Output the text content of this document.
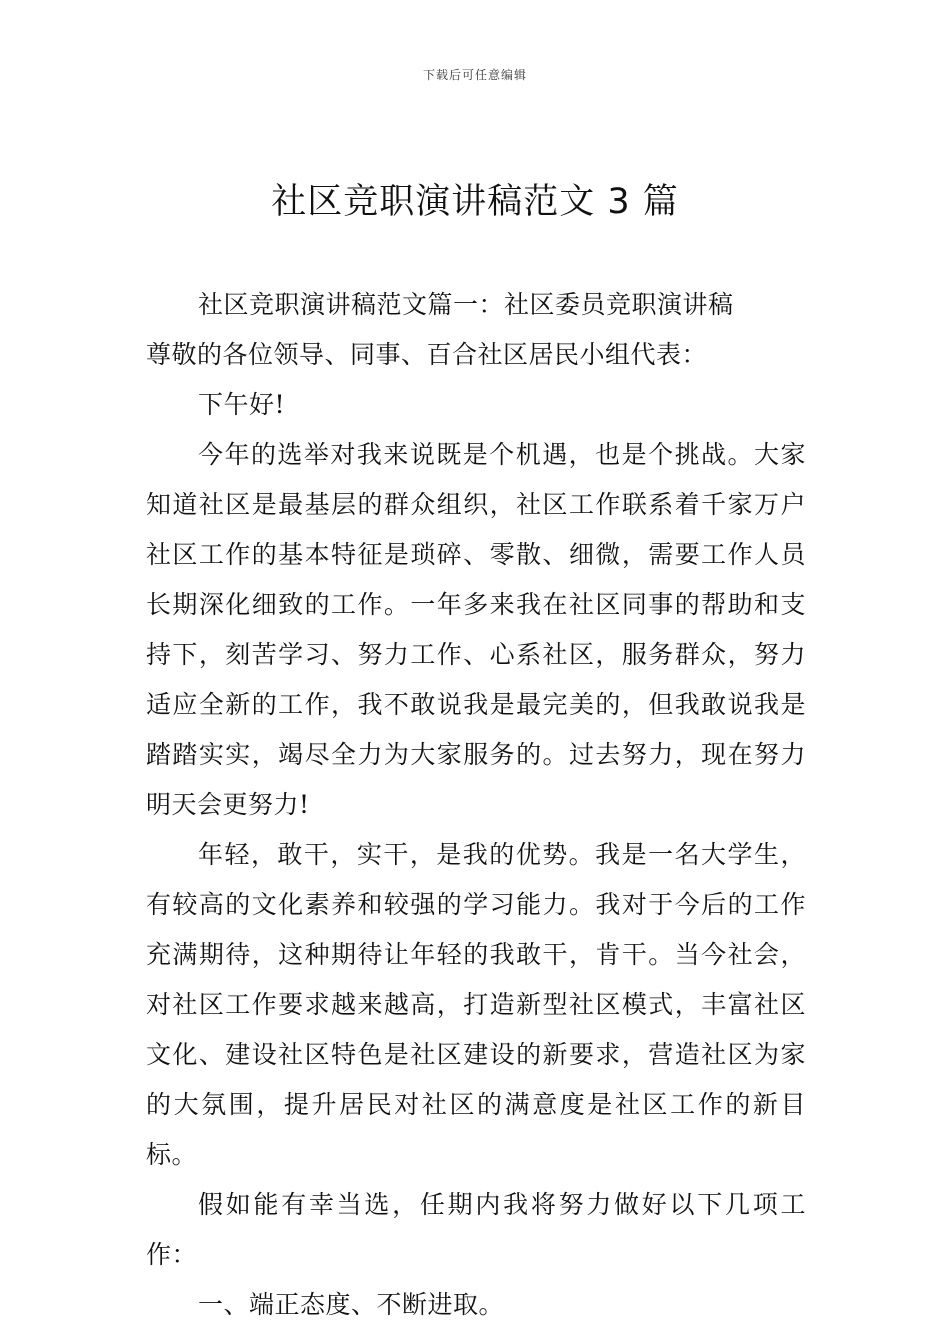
下载后可任意编辑
社区竞职演讲稿范文 3 篇

社区竞职演讲稿范文篇一：社区委员竞职演讲稿

尊敬的各位领导、同事、百合社区居民小组代表：

下午好!

今年的选举对我来说既是个机遇，也是个挑战。大家知道社区是最基层的群众组织，社区工作联系着千家万户社区工作的基本特征是琐碎、零散、细微，需要工作人员长期深化细致的工作。一年多来我在社区同事的帮助和支持下，刻苦学习、努力工作、心系社区，服务群众，努力适应全新的工作，我不敢说我是最完美的，但我敢说我是踏踏实实，竭尽全力为大家服务的。过去努力，现在努力明天会更努力!

年轻，敢干，实干，是我的优势。我是一名大学生，有较高的文化素养和较强的学习能力。我对于今后的工作充满期待，这种期待让年轻的我敢干，肯干。当今社会，对社区工作要求越来越高，打造新型社区模式，丰富社区文化、建设社区特色是社区建设的新要求，营造社区为家的大氛围，提升居民对社区的满意度是社区工作的新目标。

假如能有幸当选，任期内我将努力做好以下几项工作：

一、端正态度、不断进取。
